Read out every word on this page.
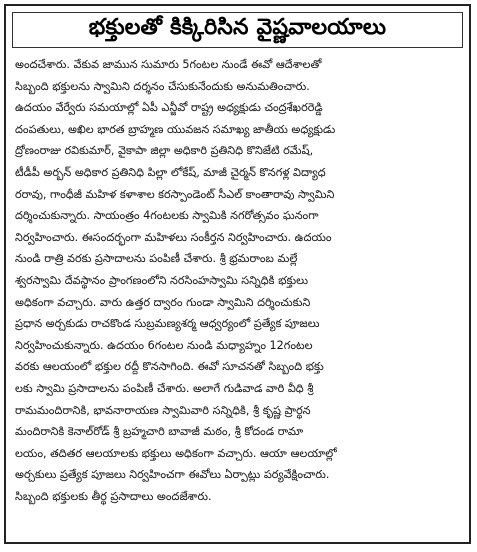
భక్తులతో కిక్కిరిసిన వైష్ణవాలయాలు
అందచేశారు. వేకువ జామున సుమారు 5గంటల నుండే ఈవో ఆదేశాలతో
సిబ్బంది భక్తులను స్వామిని దర్శనం చేసుకునేందుకు అనుమతించారు.
ఉదయం వేర్వేరు సమయాల్లో ఏపీ ఎన్జీవో రాష్ట్ర అధ్యక్షుడు చంద్రశేఖరరెడ్డి
దంపతులు, అఖిల భారత బ్రాహ్మణ యువజన సమాఖ్య జాతీయ అధ్యక్షుడు
ద్రోణంరాజు రవికుమార్, వైకాపా జిల్లా అధికారి ప్రతినిధి కొనిజేటి రమేష్,
టీడీపీ అర్బన్ అధికార ప్రతినిధి పిల్లా లోకేష్, మాజీ చైర్మన్ కొనగళ్ల విద్యాధ
రరావు, గాంధీజీ మహిళ కళాశాల కరస్పాండెంట్ సీఎల్ కాంతారావు స్వామిని
దర్శించుకున్నారు. సాయంత్రం 4గంటలకు స్వామికి నగరోత్సవం ఘనంగా
నిర్వహించారు. ఈసందర్భంగా మహిళలు సంకీర్తన నిర్వహించారు. ఉదయం
నుండి రాత్రి వరకు ప్రసాదాలను పంపిణీ చేశారు. శ్రీ భ్రమరాంబ మల్లే
శ్వరస్వామి దేవస్థానం ప్రాంగణంలోని నరసింహస్వామి సన్నిధికి భక్తులు
అధికంగా వచ్చారు. వారు ఉత్తర ద్వారం గుండా స్వామిని దర్శించుకుని
ప్రధాన అర్చకుడు రాచకొండ సుబ్రమణ్యశర్మ ఆధ్వర్యంలో ప్రత్యేక పూజలు
నిర్వహించుకున్నారు. ఉదయం 6గంటల నుండి మధ్యాహ్నం 12గంటల
వరకు ఆలయంలో భక్తుల రద్దీ కొనసాగింది. ఈవో సూచనతో సిబ్బంది భక్తు
లకు స్వామి ప్రసాదాలను పంపిణీ చేశారు. అలాగే గుడివాడ వారి వీధి శ్రీ
రామమందిరానికి, భావనారాయణ స్వామివారి సన్నిధికి, శ్రీ కృష్ణ ప్రార్థన
మందిరానికి కెనాల్‌రోడ్ శ్రీ బ్రహ్మచారి బావాజీ మఠం, శ్రీ కోదండ రామా
లయం, తదితర ఆలయాలకు భక్తులు అధికంగా వచ్చారు. ఆయా ఆలయాల్లో
అర్చకులు ప్రత్యేక పూజలు నిర్వహించగా ఈవోలు ఏర్పాట్లు పర్యవేక్షించారు.
సిబ్బంది భక్తులకు తీర్థ ప్రసాదాలు అందజేశారు.
